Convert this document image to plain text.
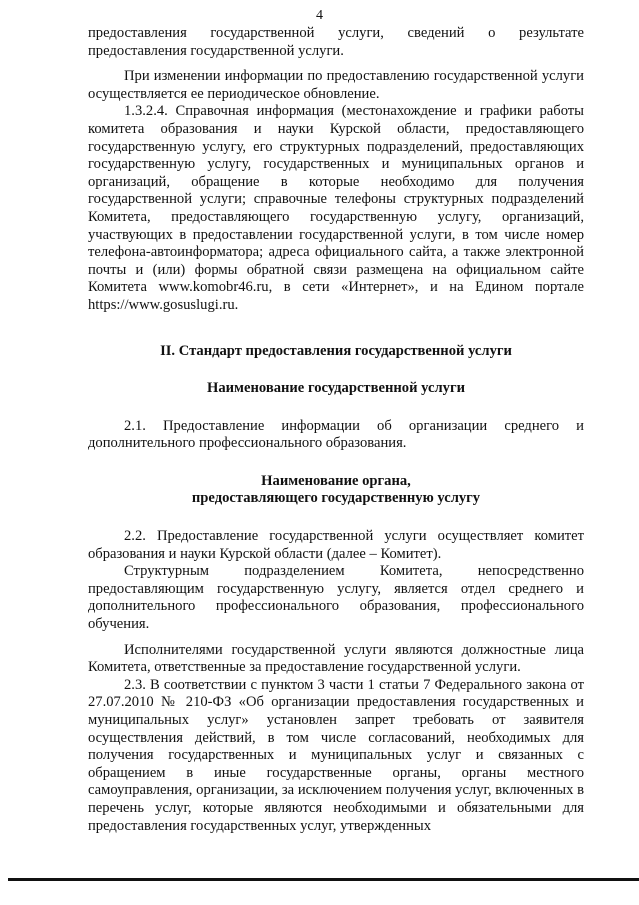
4

предоставления государственной услуги, сведений о результате предоставления государственной услуги.

При изменении информации по предоставлению государственной услуги осуществляется ее периодическое обновление.

1.3.2.4. Справочная информация (местонахождение и графики работы комитета образования и науки Курской области, предоставляющего государственную услугу, его структурных подразделений, предоставляющих государственную услугу, государственных и муниципальных органов и организаций, обращение в которые необходимо для получения государственной услуги; справочные телефоны структурных подразделений Комитета, предоставляющего государственную услугу, организаций, участвующих в предоставлении государственной услуги, в том числе номер телефона-автоинформатора; адреса официального сайта, а также электронной почты и (или) формы обратной связи размещена на официальном сайте Комитета www.komobr46.ru, в сети «Интернет», и на Едином портале https://www.gosuslugi.ru.

II. Стандарт предоставления государственной услуги

Наименование государственной услуги

2.1. Предоставление информации об организации среднего и дополнительного профессионального образования.

Наименование органа,

предоставляющего государственную услугу

2.2. Предоставление государственной услуги осуществляет комитет образования и науки Курской области (далее – Комитет).

Структурным подразделением Комитета, непосредственно предоставляющим государственную услугу, является отдел среднего и дополнительного профессионального образования, профессионального обучения.

Исполнителями государственной услуги являются должностные лица Комитета, ответственные за предоставление государственной услуги.

2.3. В соответствии с пунктом 3 части 1 статьи 7 Федерального закона от 27.07.2010 № 210-ФЗ «Об организации предоставления государственных и муниципальных услуг» установлен запрет требовать от заявителя осуществления действий, в том числе согласований, необходимых для получения государственных и муниципальных услуг и связанных с обращением в иные государственные органы, органы местного самоуправления, организации, за исключением получения услуг, включенных в перечень услуг, которые являются необходимыми и обязательными для предоставления государственных услуг, утвержденных
